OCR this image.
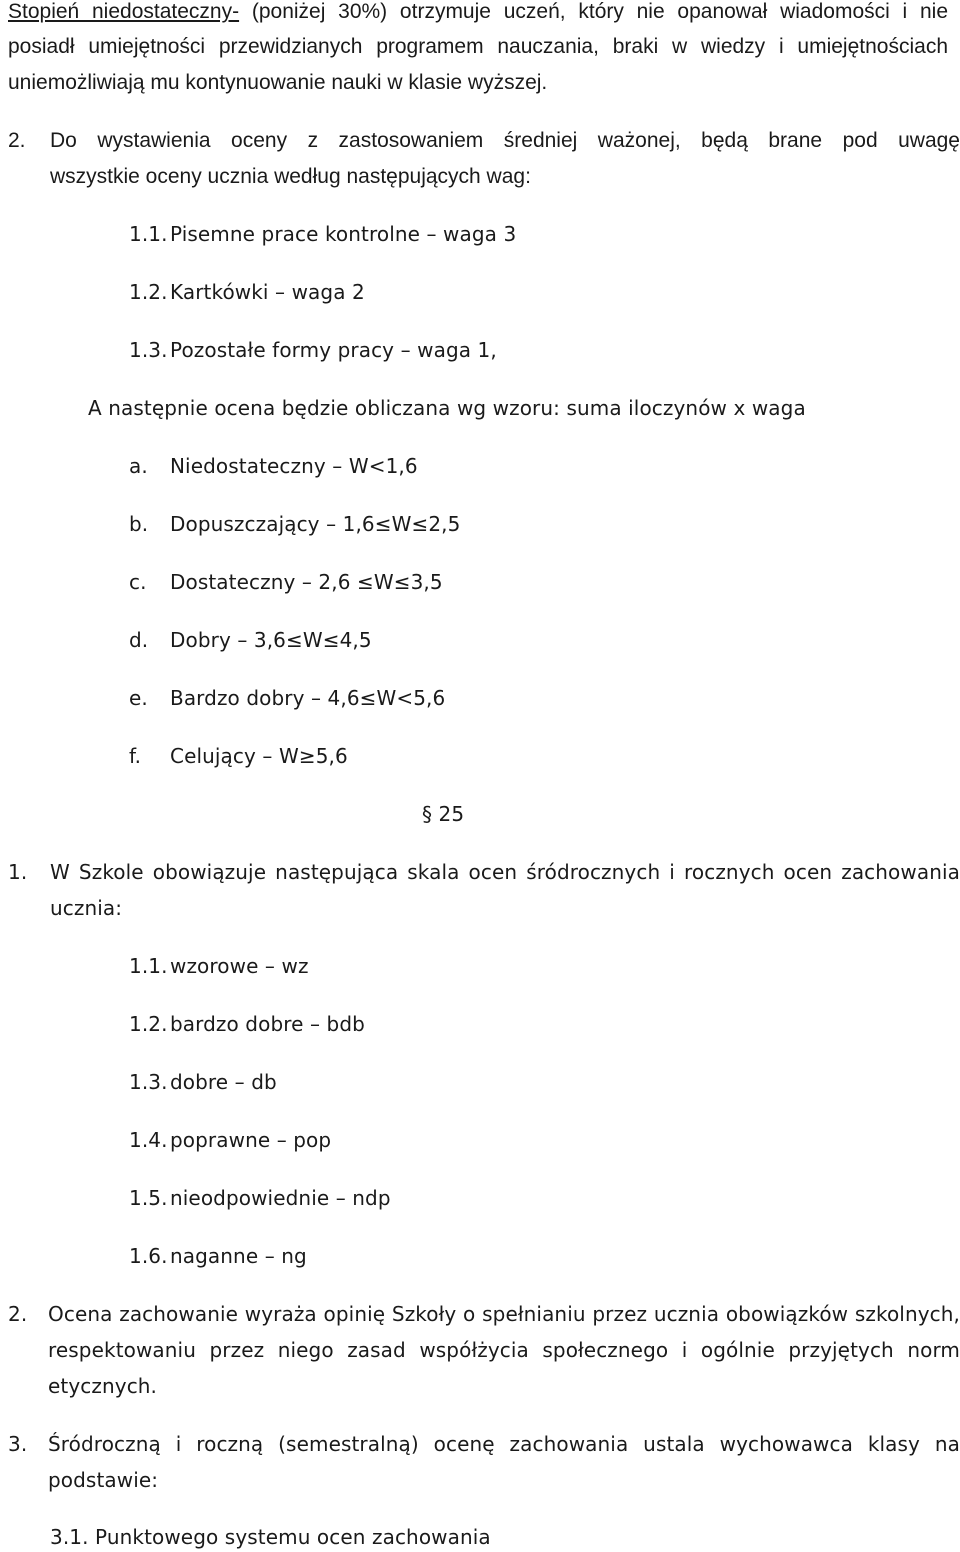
Stopień niedostateczny- (poniżej 30%) otrzymuje uczeń, który nie opanował wiadomości i nie
posiadł umiejętności przewidzianych programem nauczania, braki w wiedzy i umiejętnościach
uniemożliwiają mu kontynuowanie nauki w klasie wyższej.
2. Do wystawienia oceny z zastosowaniem średniej ważonej, będą brane pod uwagę
wszystkie oceny ucznia według następujących wag:
1.1. Pisemne prace kontrolne – waga 3
1.2. Kartkówki – waga 2
1.3. Pozostałe formy pracy – waga 1,
A następnie ocena będzie obliczana wg wzoru: suma iloczynów x waga
a. Niedostateczny – W<1,6
b. Dopuszczający – 1,6≤W≤2,5
c. Dostateczny – 2,6 ≤W≤3,5
d. Dobry – 3,6≤W≤4,5
e. Bardzo dobry – 4,6≤W<5,6
f. Celujący – W≥5,6
§ 25
1. W Szkole obowiązuje następująca skala ocen śródrocznych i rocznych ocen zachowania
ucznia:
1.1. wzorowe – wz
1.2. bardzo dobre – bdb
1.3. dobre – db
1.4. poprawne – pop
1.5. nieodpowiednie – ndp
1.6. naganne – ng
2. Ocena zachowanie wyraża opinię Szkoły o spełnianiu przez ucznia obowiązków szkolnych,
respektowaniu przez niego zasad współżycia społecznego i ogólnie przyjętych norm
etycznych.
3. Śródroczną i roczną (semestralną) ocenę zachowania ustala wychowawca klasy na
podstawie:
3.1. Punktowego systemu ocen zachowania
